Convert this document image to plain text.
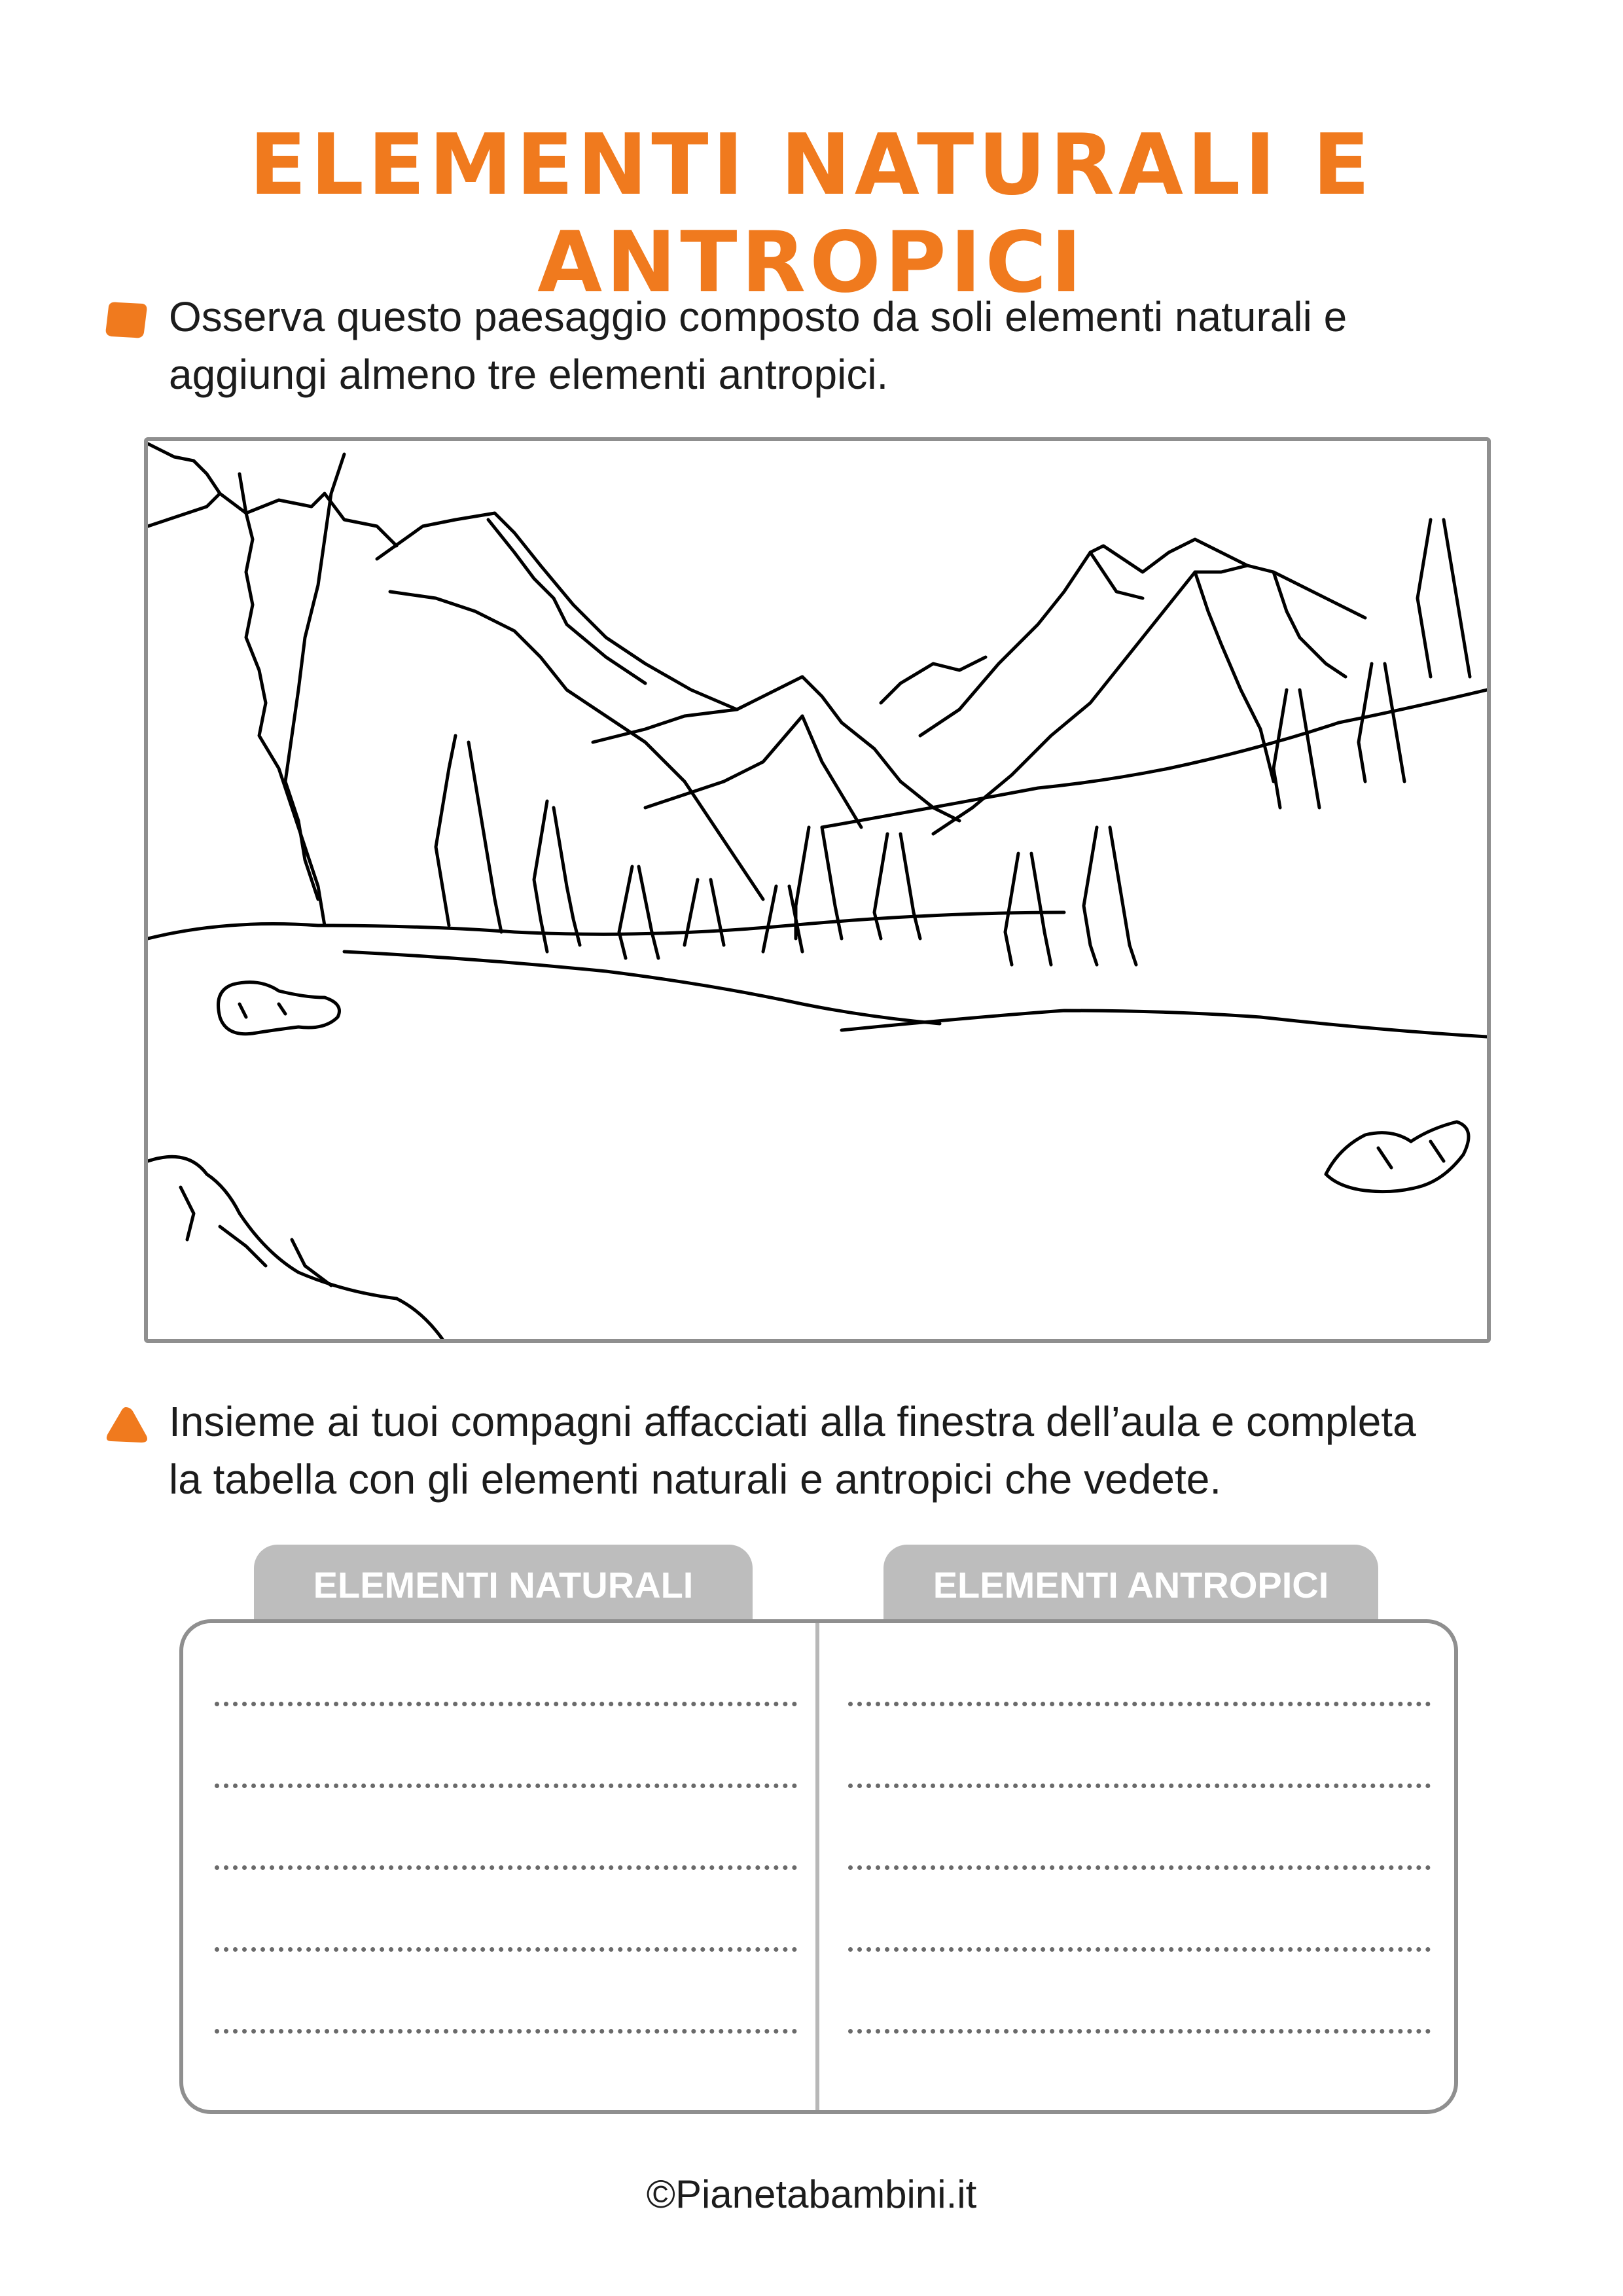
ELEMENTI NATURALI E ANTROPICI

Osserva questo paesaggio composto da soli elementi naturali e
aggiungi almeno tre elementi antropici.

Insieme ai tuoi compagni affacciati alla finestra dell’aula e completa
la tabella con gli elementi naturali e antropici che vedete.

ELEMENTI NATURALI	ELEMENTI ANTROPICI
©Pianetabambini.it
